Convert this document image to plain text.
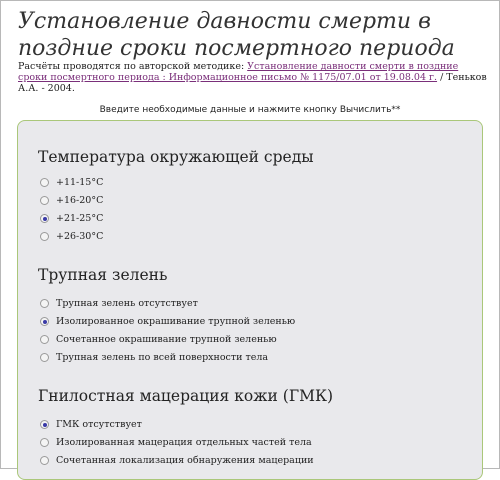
Установление давности смерти в поздние сроки посмертного периода
Расчёты проводятся по авторской методике: Установление давности смерти в поздние сроки посмертного периода : Информационное письмо № 1175/07.01 от 19.08.04 г. / Теньков А.А. - 2004.
Введите необходимые данные и нажмите кнопку Вычислить**
Температура окружающей среды
+11-15°С
+16-20°С
+21-25°С
+26-30°С
Трупная зелень
Трупная зелень отсутствует
Изолированное окрашивание трупной зеленью
Сочетанное окрашивание трупной зеленью
Трупная зелень по всей поверхности тела
Гнилостная мацерация кожи (ГМК)
ГМК отсутствует
Изолированная мацерация отдельных частей тела
Сочетанная локализация обнаружения мацерации
